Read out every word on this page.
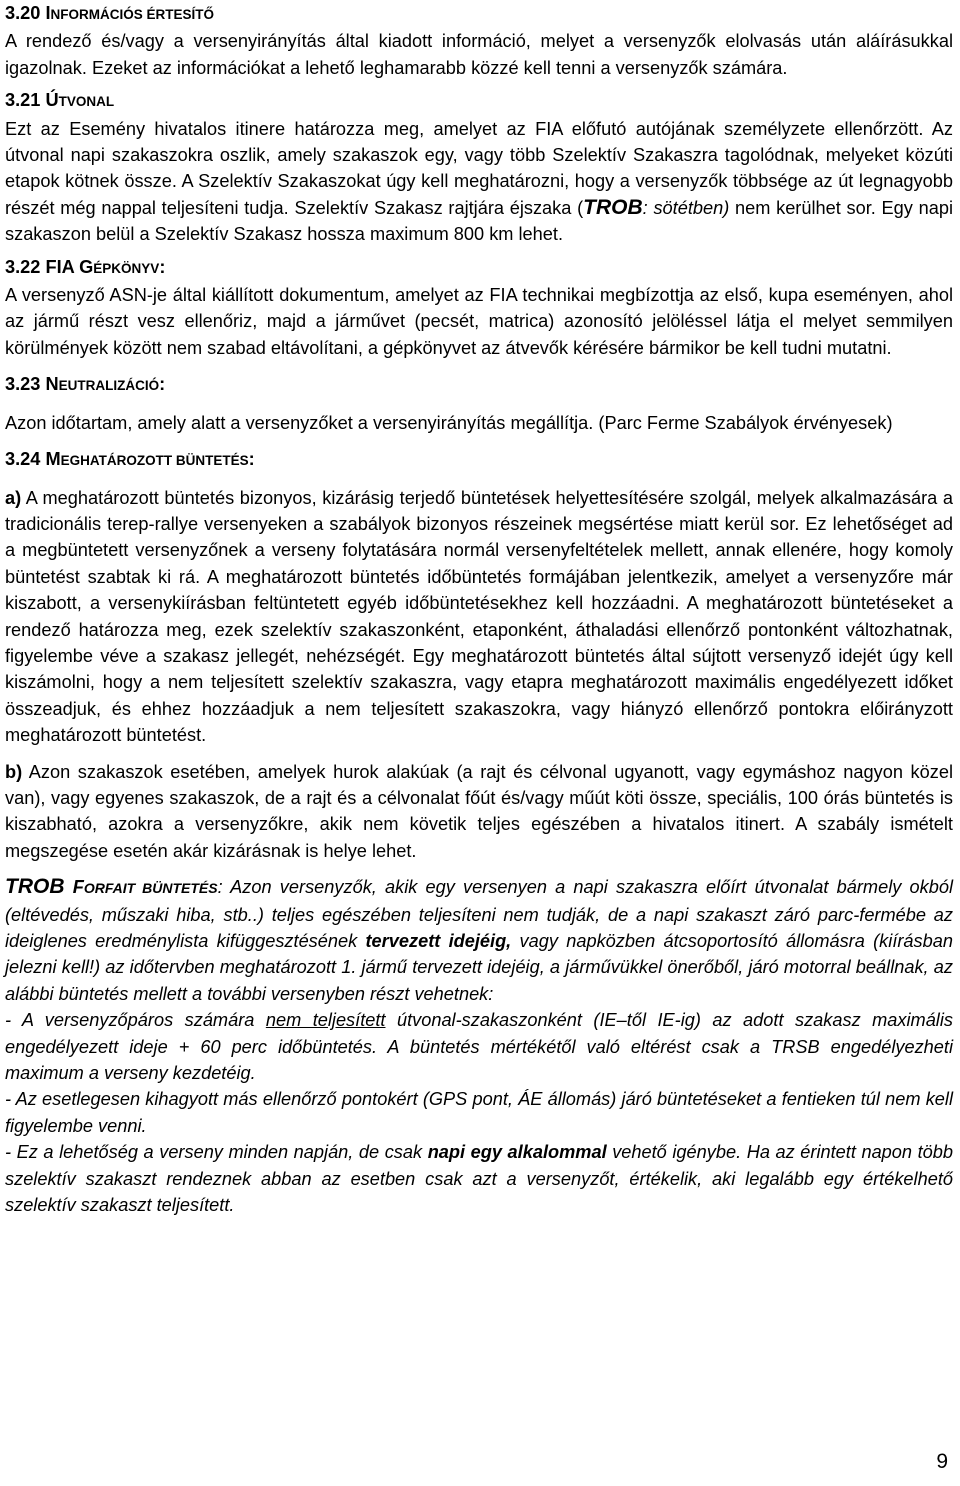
3.20 INFORMÁCIÓS ÉRTESÍTŐ

A rendező és/vagy a versenyirányítás által kiadott információ, melyet a versenyzők elolvasás után aláírásukkal igazolnak. Ezeket az információkat a lehető leghamarabb közzé kell tenni a versenyzők számára.

3.21 ÚTVONAL

Ezt az Esemény hivatalos itinere határozza meg, amelyet az FIA előfutó autójának személyzete ellenőrzött. Az útvonal napi szakaszokra oszlik, amely szakaszok egy, vagy több Szelektív Szakaszra tagolódnak, melyeket közúti etapok kötnek össze. A Szelektív Szakaszokat úgy kell meghatározni, hogy a versenyzők többsége az út legnagyobb részét még nappal teljesíteni tudja. Szelektív Szakasz rajtjára éjszaka (TROB: sötétben) nem kerülhet sor. Egy napi szakaszon belül a Szelektív Szakasz hossza maximum 800 km lehet.

3.22 FIA GÉPKÖNYV:

A versenyző ASN-je által kiállított dokumentum, amelyet az FIA technikai megbízottja az első, kupa eseményen, ahol az jármű részt vesz ellenőriz, majd a járművet (pecsét, matrica) azonosító jelöléssel látja el melyet semmilyen körülmények között nem szabad eltávolítani, a gépkönyvet az átvevők kérésére bármikor be kell tudni mutatni.

3.23 NEUTRALIZÁCIÓ:

Azon időtartam, amely alatt a versenyzőket a versenyirányítás megállítja. (Parc Ferme Szabályok érvényesek)

3.24 MEGHATÁROZOTT BÜNTETÉS:

a) A meghatározott büntetés bizonyos, kizárásig terjedő büntetések helyettesítésére szolgál, melyek alkalmazására a tradicionális terep-rallye versenyeken a szabályok bizonyos részeinek megsértése miatt kerül sor. Ez lehetőséget ad a megbüntetett versenyzőnek a verseny folytatására normál versenyfeltételek mellett, annak ellenére, hogy komoly büntetést szabtak ki rá. A meghatározott büntetés időbüntetés formájában jelentkezik, amelyet a versenyzőre már kiszabott, a versenykiírásban feltüntetett egyéb időbüntetésekhez kell hozzáadni. A meghatározott büntetéseket a rendező határozza meg, ezek szelektív szakaszonként, etaponként, áthaladási ellenőrző pontonként változhatnak, figyelembe véve a szakasz jellegét, nehézségét. Egy meghatározott büntetés által sújtott versenyző idejét úgy kell kiszámolni, hogy a nem teljesített szelektív szakaszra, vagy etapra meghatározott maximális engedélyezett időket összeadjuk, és ehhez hozzáadjuk a nem teljesített szakaszokra, vagy hiányzó ellenőrző pontokra előirányzott meghatározott büntetést.

b) Azon szakaszok esetében, amelyek hurok alakúak (a rajt és célvonal ugyanott, vagy egymáshoz nagyon közel van), vagy egyenes szakaszok, de a rajt és a célvonalat főút és/vagy műút köti össze, speciális, 100 órás büntetés is kiszabható, azokra a versenyzőkre, akik nem követik teljes egészében a hivatalos itinert. A szabály ismételt megszegése esetén akár kizárásnak is helye lehet.

TROB FORFAIT BÜNTETÉS: Azon versenyzők, akik egy versenyen a napi szakaszra előírt útvonalat bármely okból (eltévedés, műszaki hiba, stb..) teljes egészében teljesíteni nem tudják, de a napi szakaszt záró parc-fermébe az ideiglenes eredménylista kifüggesztésének tervezett idejéig, vagy napközben átcsoportosító állomásra (kiírásban jelezni kell!) az időtervben meghatározott 1. jármű tervezett idejéig, a járművükkel önerőből, járó motorral beállnak, az alábbi büntetés mellett a további versenyben részt vehetnek:

- A versenyzőpáros számára nem teljesített útvonal-szakaszonként (IE–től IE-ig) az adott szakasz maximális engedélyezett ideje + 60 perc időbüntetés. A büntetés mértékétől való eltérést csak a TRSB engedélyezheti maximum a verseny kezdetéig.

- Az esetlegesen kihagyott más ellenőrző pontokért (GPS pont, ÁE állomás) járó büntetéseket a fentieken túl nem kell figyelembe venni.

- Ez a lehetőség a verseny minden napján, de csak napi egy alkalommal vehető igénybe. Ha az érintett napon több szelektív szakaszt rendeznek abban az esetben csak azt a versenyzőt, értékelik, aki legalább egy értékelhető szelektív szakaszt teljesített.

9
